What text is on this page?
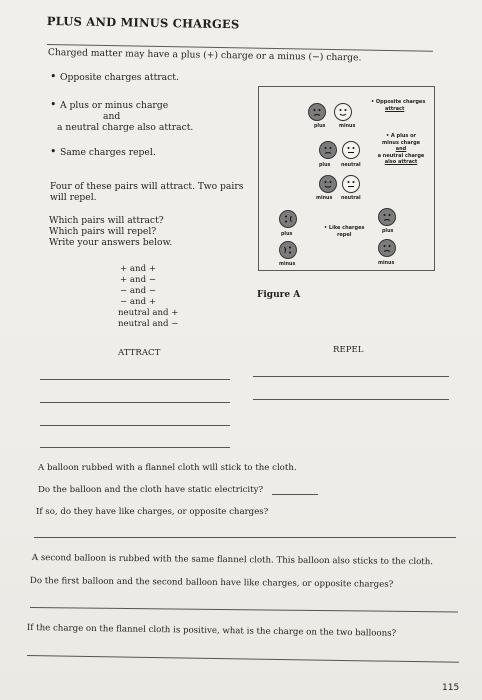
PLUS AND MINUS CHARGES
Charged matter may have a plus (+) charge or a minus (−) charge.
• Opposite charges attract.
• A plus or minus charge
and
a neutral charge also attract.
• Same charges repel.
Four of these pairs will attract. Two pairs
will repel.
Which pairs will attract?
Which pairs will repel?
Write your answers below.
+ and +
+ and −
− and −
− and +
neutral and +
neutral and −
Figure A
plus	minus
• Opposite charges
attract
plus neutral
• A plus or
minus charge
and
a neutral charge
also attract
minus neutral
plus
minus
• Like charges
repel	plus
minus
ATTRACT	REPEL
A balloon rubbed with a flannel cloth will stick to the cloth.
Do the balloon and the cloth have static electricity?
If so, do they have like charges, or opposite charges?
A second balloon is rubbed with the same flannel cloth. This balloon also sticks to the cloth.
Do the first balloon and the second balloon have like charges, or opposite charges?
If the charge on the flannel cloth is positive, what is the charge on the two balloons?
115
